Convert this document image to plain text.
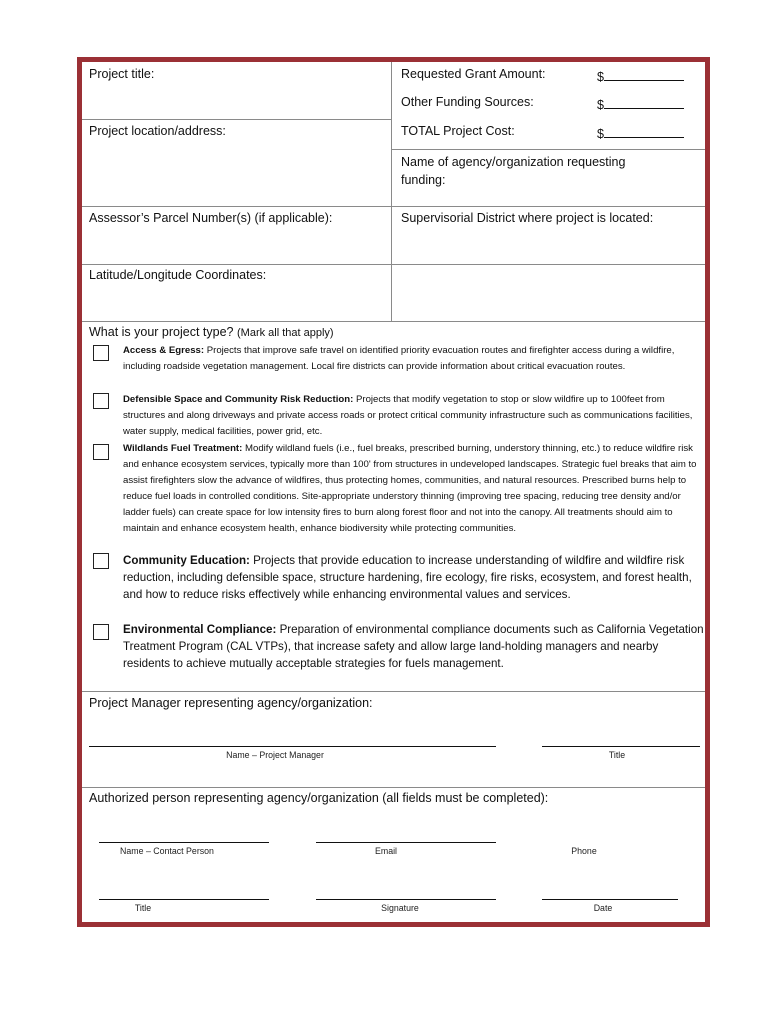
Project title:
Project location/address:
Assessor’s Parcel Number(s) (if applicable):
Latitude/Longitude Coordinates:
Requested Grant Amount:	$
Other Funding Sources:	$
TOTAL Project Cost:	$
Name of agency/organization requesting funding:
Supervisorial District where project is located:
What is your project type? (Mark all that apply)
Access & Egress: Projects that improve safe travel on identified priority evacuation routes and firefighter access during a wildfire, including roadside vegetation management. Local fire districts can provide information about critical evacuation routes.
Defensible Space and Community Risk Reduction: Projects that modify vegetation to stop or slow wildfire up to 100feet from structures and along driveways and private access roads or protect critical community infrastructure such as communications facilities, water supply, medical facilities, power grid, etc.
Wildlands Fuel Treatment: Modify wildland fuels (i.e., fuel breaks, prescribed burning, understory thinning, etc.) to reduce wildfire risk and enhance ecosystem services, typically more than 100' from structures in undeveloped landscapes. Strategic fuel breaks that aim to assist firefighters slow the advance of wildfires, thus protecting homes, communities, and natural resources. Prescribed burns help to reduce fuel loads in controlled conditions. Site-appropriate understory thinning (improving tree spacing, reducing tree density and/or ladder fuels) can create space for low intensity fires to burn along forest floor and not into the canopy. All treatments should aim to maintain and enhance ecosystem health, enhance biodiversity while protecting communities.
Community Education: Projects that provide education to increase understanding of wildfire and wildfire risk reduction, including defensible space, structure hardening, fire ecology, fire risks, ecosystem, and forest health, and how to reduce risks effectively while enhancing environmental values and services.
Environmental Compliance: Preparation of environmental compliance documents such as California Vegetation Treatment Program (CAL VTPs), that increase safety and allow large land-holding managers and nearby residents to achieve mutually acceptable strategies for fuels management.
Project Manager representing agency/organization:
Name – Project Manager	Title
Authorized person representing agency/organization (all fields must be completed):
Name – Contact Person	Email	Phone
Title	Signature	Date
